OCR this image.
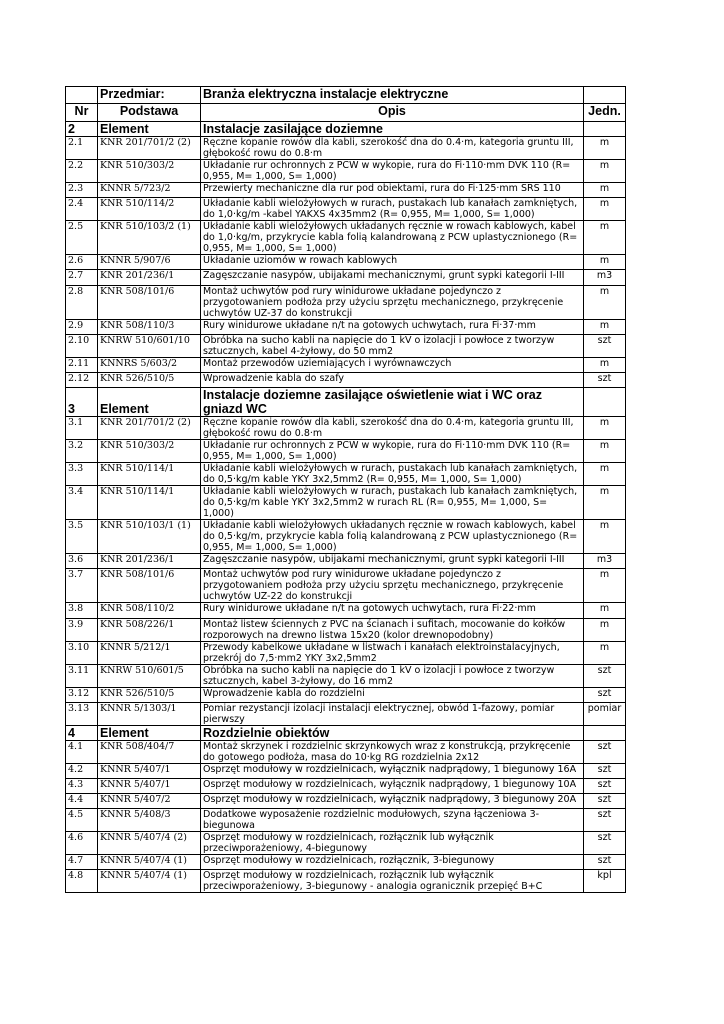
	Przedmiar:	Branża elektryczna instalacje elektryczne	
Nr	Podstawa	Opis	Jedn.
2	Element	Instalacje zasilające doziemne	
2.1	KNR 201/701/2 (2)	Ręczne kopanie rowów dla kabli, szerokość dna do 0.4·m, kategoria gruntu III, głębokość rowu do 0.8·m	m
2.2	KNR 510/303/2	Układanie rur ochronnych z PCW w wykopie, rura do Fi·110·mm DVK 110 (R= 0,955, M= 1,000, S= 1,000)	m
2.3	KNNR 5/723/2	Przewierty mechaniczne dla rur pod obiektami, rura do Fi·125·mm SRS 110	m
2.4	KNR 510/114/2	Układanie kabli wielożyłowych w rurach, pustakach lub kanałach zamkniętych, do 1,0·kg/m -kabel YAKXS 4x35mm2 (R= 0,955, M= 1,000, S= 1,000)	m
2.5	KNR 510/103/2 (1)	Układanie kabli wielożyłowych układanych ręcznie w rowach kablowych, kabel do 1,0·kg/m, przykrycie kabla folią kalandrowaną z PCW uplastycznionego (R= 0,955, M= 1,000, S= 1,000)	m
2.6	KNNR 5/907/6	Układanie uziomów w rowach kablowych	m
2.7	KNR 201/236/1	Zagęszczanie nasypów, ubijakami mechanicznymi, grunt sypki kategorii I-III	m3
2.8	KNR 508/101/6	Montaż uchwytów pod rury winidurowe układane pojedynczo z przygotowaniem podłoża przy użyciu sprzętu mechanicznego, przykręcenie uchwytów UZ-37 do konstrukcji	m
2.9	KNR 508/110/3	Rury winidurowe układane n/t na gotowych uchwytach, rura Fi·37·mm	m
2.10	KNRW 510/601/10	Obróbka na sucho kabli na napięcie do 1 kV o izolacji i powłoce z tworzyw sztucznych, kabel 4-żyłowy, do 50 mm2	szt
2.11	KNNRS 5/603/2	Montaż przewodów uziemiających i wyrównawczych	m
2.12	KNR 526/510/5	Wprowadzenie kabla do szafy	szt
3	Element	Instalacje doziemne zasilające oświetlenie wiat i WC oraz gniazd WC	
3.1	KNR 201/701/2 (2)	Ręczne kopanie rowów dla kabli, szerokość dna do 0.4·m, kategoria gruntu III, głębokość rowu do 0.8·m	m
3.2	KNR 510/303/2	Układanie rur ochronnych z PCW w wykopie, rura do Fi·110·mm DVK 110 (R= 0,955, M= 1,000, S= 1,000)	m
3.3	KNR 510/114/1	Układanie kabli wielożyłowych w rurach, pustakach lub kanałach zamkniętych, do 0,5·kg/m kable YKY 3x2,5mm2 (R= 0,955, M= 1,000, S= 1,000)	m
3.4	KNR 510/114/1	Układanie kabli wielożyłowych w rurach, pustakach lub kanałach zamkniętych, do 0,5·kg/m kable YKY 3x2,5mm2 w rurach RL (R= 0,955, M= 1,000, S= 1,000)	m
3.5	KNR 510/103/1 (1)	Układanie kabli wielożyłowych układanych ręcznie w rowach kablowych, kabel do 0,5·kg/m, przykrycie kabla folią kalandrowaną z PCW uplastycznionego (R= 0,955, M= 1,000, S= 1,000)	m
3.6	KNR 201/236/1	Zagęszczanie nasypów, ubijakami mechanicznymi, grunt sypki kategorii I-III	m3
3.7	KNR 508/101/6	Montaż uchwytów pod rury winidurowe układane pojedynczo z przygotowaniem podłoża przy użyciu sprzętu mechanicznego, przykręcenie uchwytów UZ-22 do konstrukcji	m
3.8	KNR 508/110/2	Rury winidurowe układane n/t na gotowych uchwytach, rura Fi·22·mm	m
3.9	KNR 508/226/1	Montaż listew ściennych z PVC na ścianach i sufitach, mocowanie do kołków rozporowych na drewno listwa 15x20 (kolor drewnopodobny)	m
3.10	KNNR 5/212/1	Przewody kabelkowe układane w listwach i kanałach elektroinstalacyjnych, przekrój do 7,5·mm2 YKY 3x2,5mm2	m
3.11	KNRW 510/601/5	Obróbka na sucho kabli na napięcie do 1 kV o izolacji i powłoce z tworzyw sztucznych, kabel 3-żyłowy, do 16 mm2	szt
3.12	KNR 526/510/5	Wprowadzenie kabla do rozdzielni	szt
3.13	KNNR 5/1303/1	Pomiar rezystancji izolacji instalacji elektrycznej, obwód 1-fazowy, pomiar pierwszy	pomiar
4	Element	Rozdzielnie obiektów	
4.1	KNR 508/404/7	Montaż skrzynek i rozdzielnic skrzynkowych wraz z konstrukcją, przykręcenie do gotowego podłoża, masa do 10·kg RG rozdzielnia 2x12	szt
4.2	KNNR 5/407/1	Osprzęt modułowy w rozdzielnicach, wyłącznik nadprądowy, 1 biegunowy 16A	szt
4.3	KNNR 5/407/1	Osprzęt modułowy w rozdzielnicach, wyłącznik nadprądowy, 1 biegunowy 10A	szt
4.4	KNNR 5/407/2	Osprzęt modułowy w rozdzielnicach, wyłącznik nadprądowy, 3 biegunowy 20A	szt
4.5	KNNR 5/408/3	Dodatkowe wyposażenie rozdzielnic modułowych, szyna łączeniowa 3-biegunowa	szt
4.6	KNNR 5/407/4 (2)	Osprzęt modułowy w rozdzielnicach, rozłącznik lub wyłącznik przeciwporażeniowy, 4-biegunowy	szt
4.7	KNNR 5/407/4 (1)	Osprzęt modułowy w rozdzielnicach, rozłącznik, 3-biegunowy	szt
4.8	KNNR 5/407/4 (1)	Osprzęt modułowy w rozdzielnicach, rozłącznik lub wyłącznik przeciwporażeniowy, 3-biegunowy - analogia ogranicznik przepięć B+C	kpl
